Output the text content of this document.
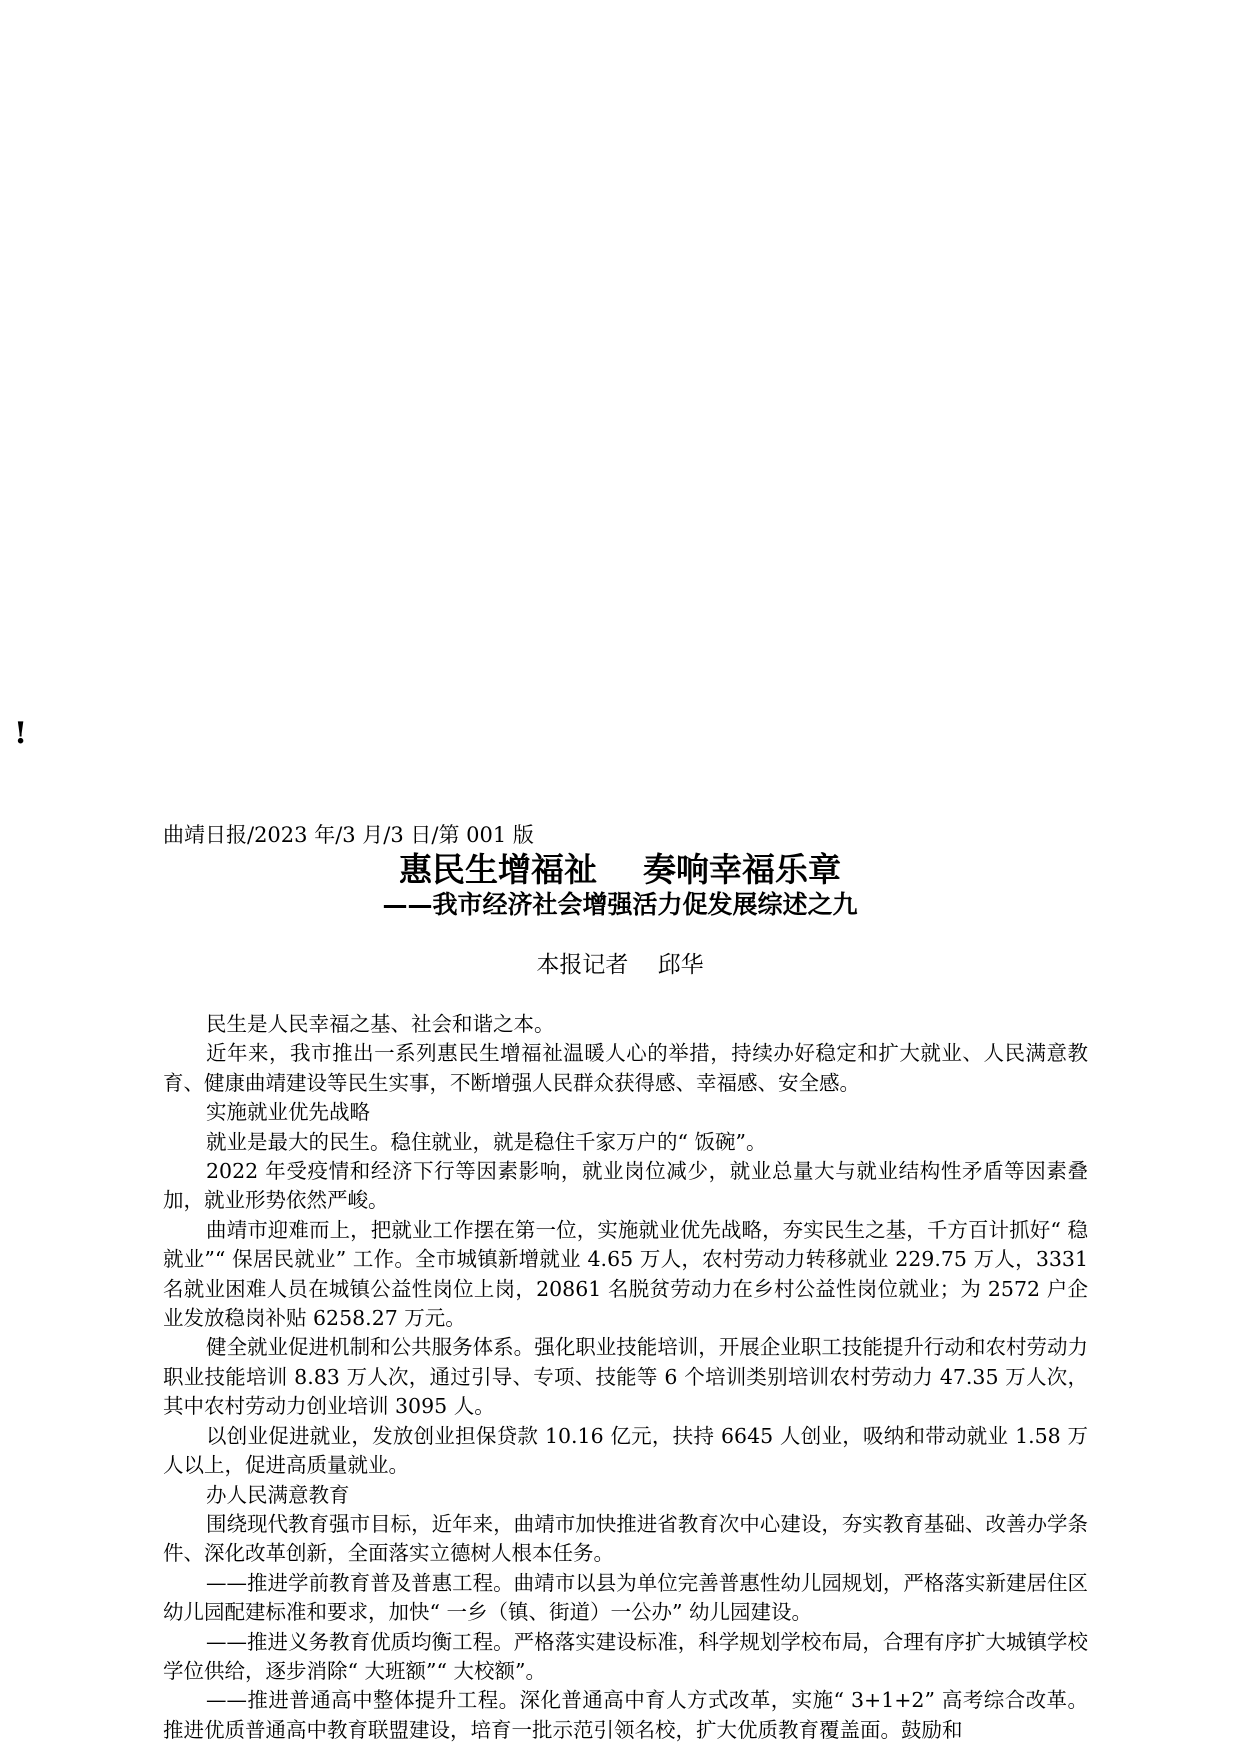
!
曲靖日报/2023 年/3 月/3 日/第 001 版
惠民生增福祉    奏响幸福乐章
——我市经济社会增强活力促发展综述之九
本报记者    邱华

民生是人民幸福之基、社会和谐之本。

近年来，我市推出一系列惠民生增福祉温暖人心的举措，持续办好稳定和扩大就业、人民满意教育、健康曲靖建设等民生实事，不断增强人民群众获得感、幸福感、安全感。

实施就业优先战略

就业是最大的民生。稳住就业，就是稳住千家万户的“ 饭碗”。

2022 年受疫情和经济下行等因素影响，就业岗位减少，就业总量大与就业结构性矛盾等因素叠加，就业形势依然严峻。

曲靖市迎难而上，把就业工作摆在第一位，实施就业优先战略，夯实民生之基，千方百计抓好“ 稳就业”“ 保居民就业” 工作。全市城镇新增就业 4.65 万人，农村劳动力转移就业 229.75 万人，3331 名就业困难人员在城镇公益性岗位上岗，20861 名脱贫劳动力在乡村公益性岗位就业；为 2572 户企业发放稳岗补贴 6258.27 万元。

健全就业促进机制和公共服务体系。强化职业技能培训，开展企业职工技能提升行动和农村劳动力职业技能培训 8.83 万人次，通过引导、专项、技能等 6 个培训类别培训农村劳动力 47.35 万人次，其中农村劳动力创业培训 3095 人。

以创业促进就业，发放创业担保贷款 10.16 亿元，扶持 6645 人创业，吸纳和带动就业 1.58 万人以上，促进高质量就业。

办人民满意教育

围绕现代教育强市目标，近年来，曲靖市加快推进省教育次中心建设，夯实教育基础、改善办学条件、深化改革创新，全面落实立德树人根本任务。

——推进学前教育普及普惠工程。曲靖市以县为单位完善普惠性幼儿园规划，严格落实新建居住区幼儿园配建标准和要求，加快“ 一乡（镇、街道）一公办” 幼儿园建设。

——推进义务教育优质均衡工程。严格落实建设标准，科学规划学校布局，合理有序扩大城镇学校学位供给，逐步消除“ 大班额”“ 大校额”。

——推进普通高中整体提升工程。深化普通高中育人方式改革，实施“ 3+1+2” 高考综合改革。推进优质普通高中教育联盟建设，培育一批示范引领名校，扩大优质教育覆盖面。鼓励和
